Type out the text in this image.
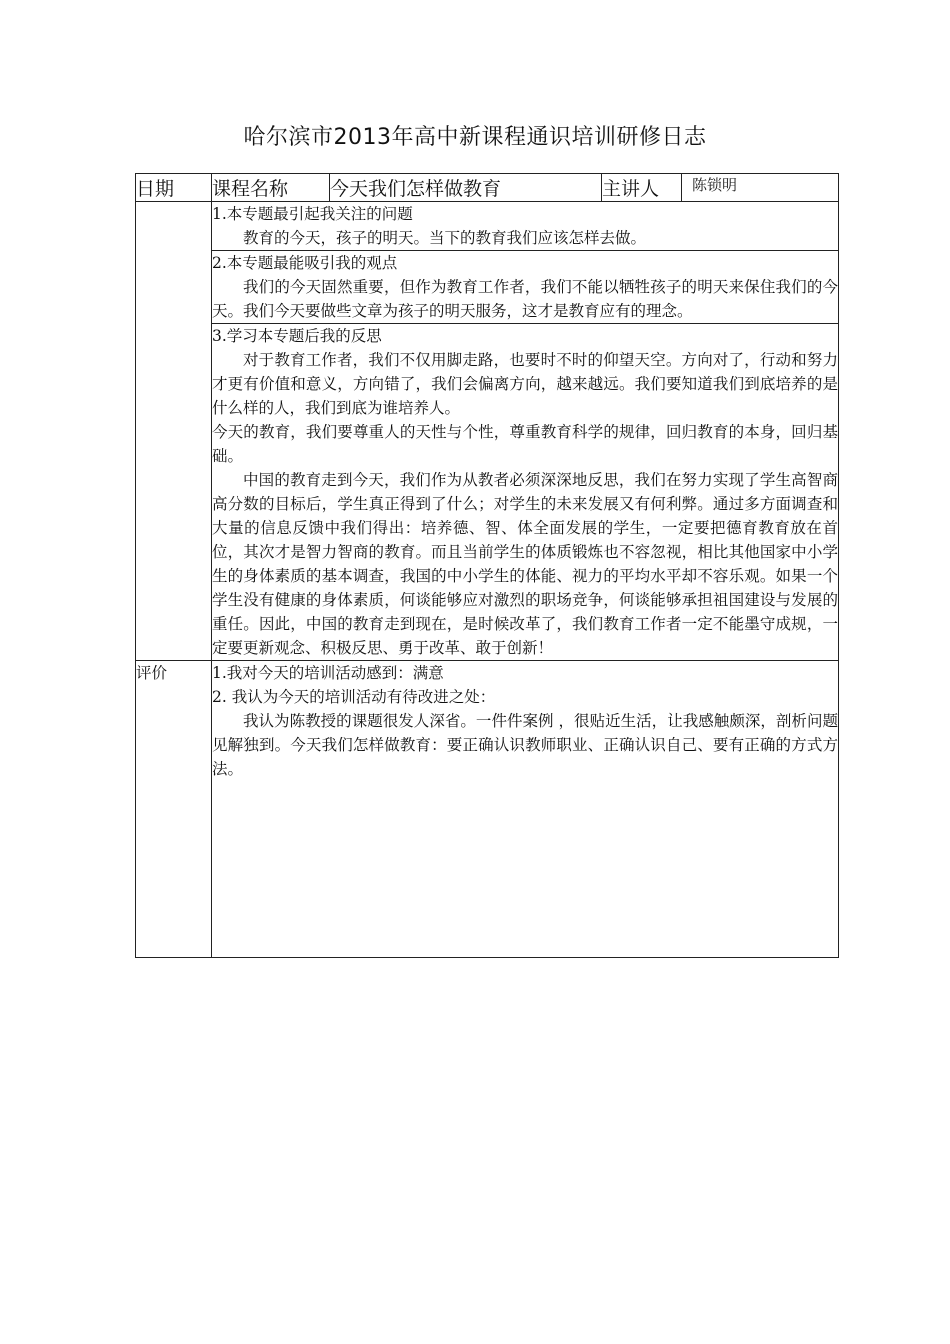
哈尔滨市2013年高中新课程通识培训研修日志
日期	课程名称	今天我们怎样做教育	主讲人	陈锁明

	1.本专题最引起我关注的问题

教育的今天，孩子的明天。当下的教育我们应该怎样去做。			

	2.本专题最能吸引我的观点

我们的今天固然重要，但作为教育工作者，我们不能以牺牲孩子的明天来保住我们的今天。我们今天要做些文章为孩子的明天服务，这才是教育应有的理念。			

	3.学习本专题后我的反思

对于教育工作者，我们不仅用脚走路，也要时不时的仰望天空。方向对了，行动和努力才更有价值和意义，方向错了，我们会偏离方向，越来越远。我们要知道我们到底培养的是什么样的人，我们到底为谁培养人。

今天的教育，我们要尊重人的天性与个性，尊重教育科学的规律，回归教育的本身，回归基础。

中国的教育走到今天，我们作为从教者必须深深地反思，我们在努力实现了学生高智商高分数的目标后，学生真正得到了什么；对学生的未来发展又有何利弊。通过多方面调查和大量的信息反馈中我们得出：培养德、智、体全面发展的学生，一定要把德育教育放在首位，其次才是智力智商的教育。而且当前学生的体质锻炼也不容忽视，相比其他国家中小学生的身体素质的基本调查，我国的中小学生的体能、视力的平均水平却不容乐观。如果一个学生没有健康的身体素质，何谈能够应对激烈的职场竞争，何谈能够承担祖国建设与发展的重任。因此，中国的教育走到现在，是时候改革了，我们教育工作者一定不能墨守成规，一定要更新观念、积极反思、勇于改革、敢于创新！			

评价	1.我对今天的培训活动感到：满意

2. 我认为今天的培训活动有待改进之处：

我认为陈教授的课题很发人深省。一件件案例 ，很贴近生活，让我感触颇深，剖析问题见解独到。今天我们怎样做教育：要正确认识教师职业、正确认识自己、要有正确的方式方法。			
